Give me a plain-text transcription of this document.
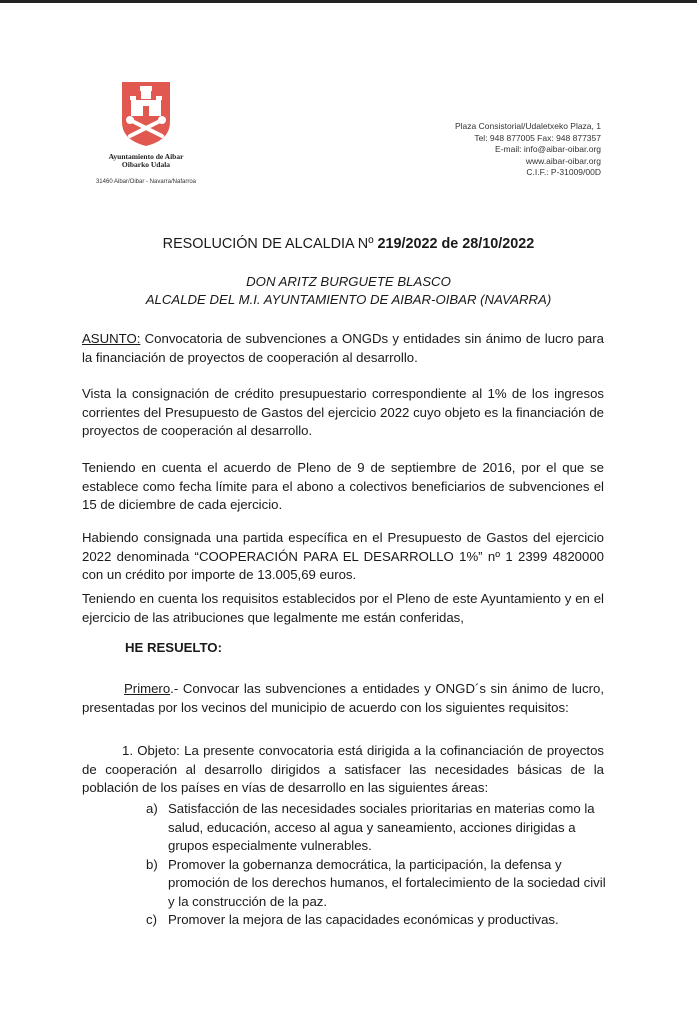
Ayuntamiento de Aibar
Oibarko Udala
31460 Aibar/Oibar - Navarra/Nafarroa
Plaza Consistorial/Udaletxeko Plaza, 1
Tel: 948 877005 Fax: 948 877357
E-mail: info@aibar-oibar.org
www.aibar-oibar.org
C.I.F.: P-31009/00D
RESOLUCIÓN DE ALCALDIA Nº 219/2022 de 28/10/2022
DON ARITZ BURGUETE BLASCO
ALCALDE DEL M.I. AYUNTAMIENTO DE AIBAR-OIBAR (NAVARRA)
ASUNTO: Convocatoria de subvenciones a ONGDs y entidades sin ánimo de lucro para la financiación de proyectos de cooperación al desarrollo.
Vista la consignación de crédito presupuestario correspondiente al 1% de los ingresos corrientes del Presupuesto de Gastos del ejercicio 2022 cuyo objeto es la financiación de proyectos de cooperación al desarrollo.
Teniendo en cuenta el acuerdo de Pleno de 9 de septiembre de 2016, por el que se establece como fecha límite para el abono a colectivos beneficiarios de subvenciones el 15 de diciembre de cada ejercicio.
Habiendo consignada una partida específica en el Presupuesto de Gastos del ejercicio 2022 denominada “COOPERACIÓN PARA EL DESARROLLO 1%” nº 1 2399 4820000 con un crédito por importe de 13.005,69 euros.
Teniendo en cuenta los requisitos establecidos por el Pleno de este Ayuntamiento y en el ejercicio de las atribuciones que legalmente me están conferidas,
HE RESUELTO:
Primero.- Convocar las subvenciones a entidades y ONGD´s sin ánimo de lucro, presentadas por los vecinos del municipio de acuerdo con los siguientes requisitos:
1. Objeto: La presente convocatoria está dirigida a la cofinanciación de proyectos de cooperación al desarrollo dirigidos a satisfacer las necesidades básicas de la población de los países en vías de desarrollo en las siguientes áreas:
a) Satisfacción de las necesidades sociales prioritarias en materias como la salud, educación, acceso al agua y saneamiento, acciones dirigidas a grupos especialmente vulnerables.
b) Promover la gobernanza democrática, la participación, la defensa y promoción de los derechos humanos, el fortalecimiento de la sociedad civil y la construcción de la paz.
c) Promover la mejora de las capacidades económicas y productivas.
